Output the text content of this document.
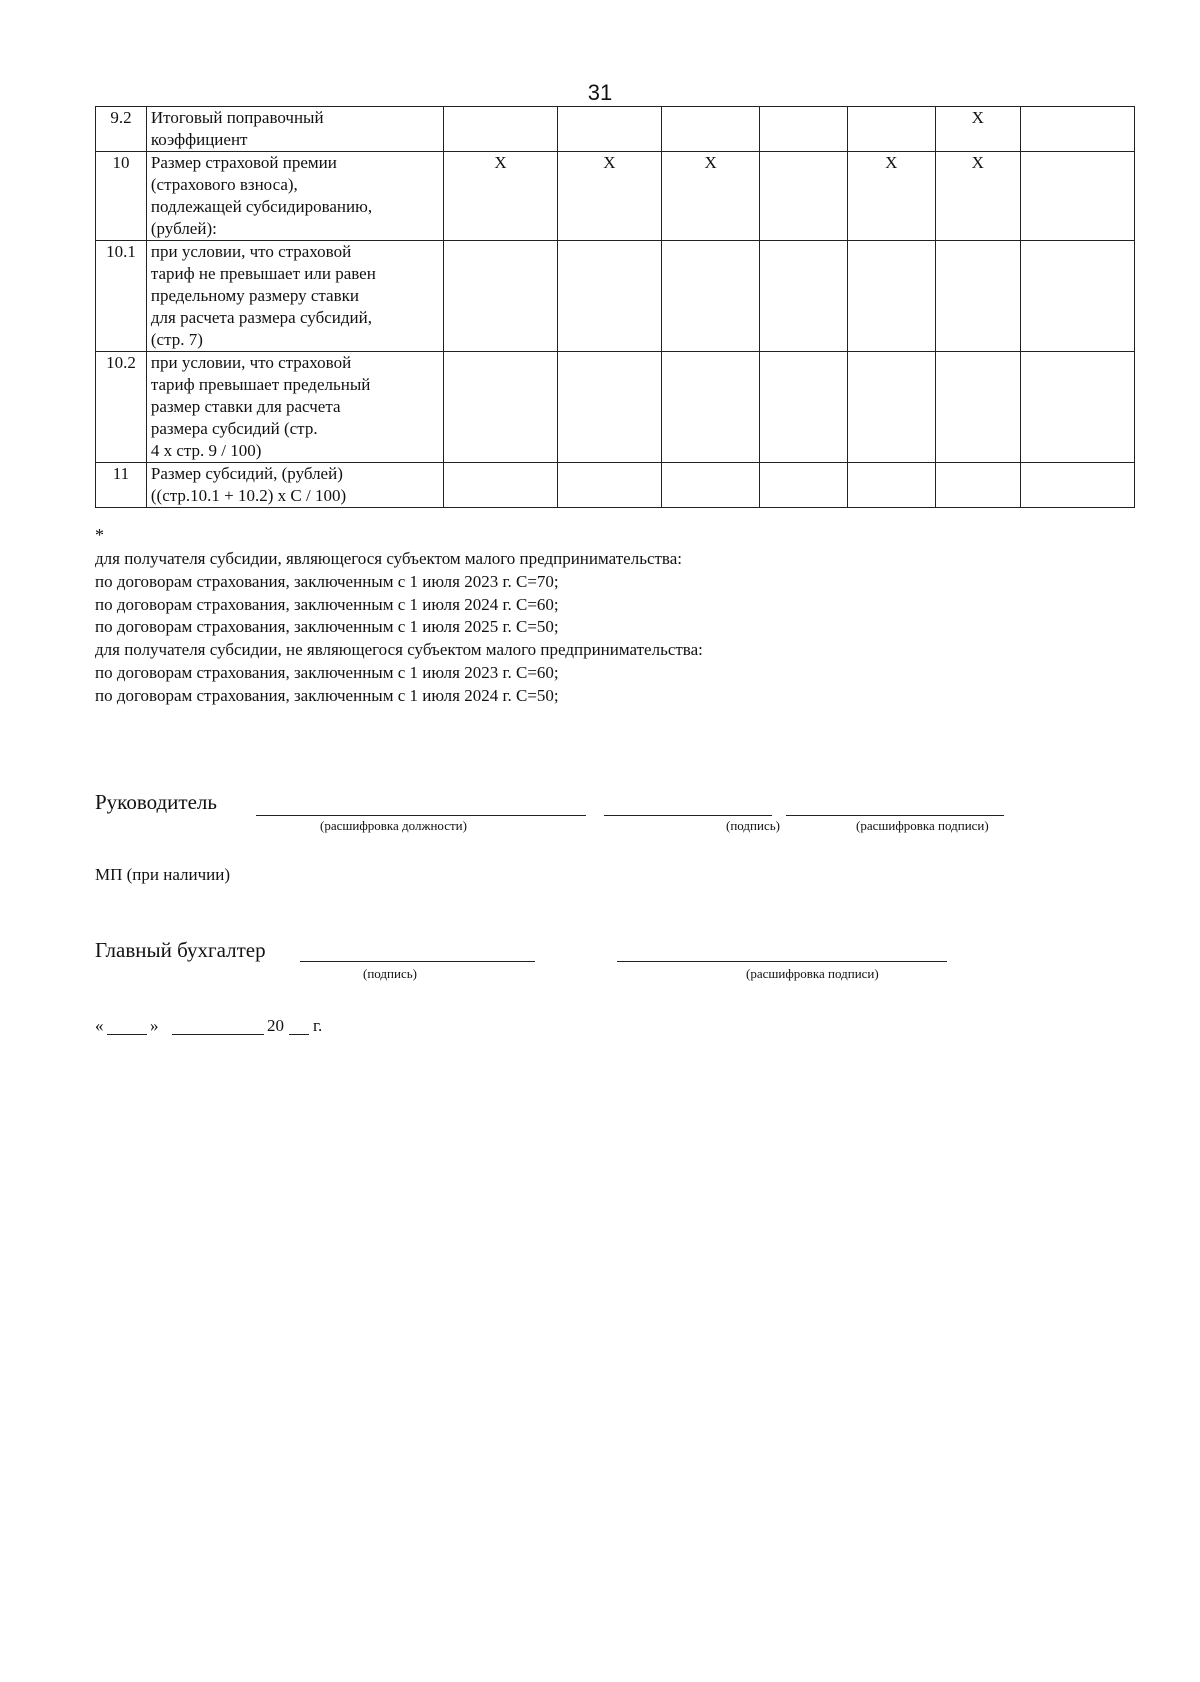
31
9.2	Итоговый поправочный
коэффициент						X	
10	Размер страховой премии
(страхового взноса),
подлежащей субсидированию,
(рублей):	X	X	X		X	X	
10.1	при условии, что страховой
тариф не превышает или равен
предельному размеру ставки
для расчета размера субсидий,
(стр. 7)							

10.2	при условии, что страховой
тариф превышает предельный
размер ставки для расчета
размера субсидий (стр.
4 x стр. 9 / 100)							

11	Размер субсидий, (рублей)
((стр.10.1 + 10.2) x С / 100)							

*
для получателя субсидии, являющегося субъектом малого предпринимательства:
по договорам страхования, заключенным с 1 июля 2023 г. С=70;
по договорам страхования, заключенным с 1 июля 2024 г. С=60;
по договорам страхования, заключенным с 1 июля 2025 г. С=50;
для получателя субсидии, не являющегося субъектом малого предпринимательства:
по договорам страхования, заключенным с 1 июля 2023 г. С=60;
по договорам страхования, заключенным с 1 июля 2024 г. С=50;
Руководитель
(расшифровка должности)	(подпись)	(расшифровка подписи)
МП (при наличии)
Главный бухгалтер
(подпись)	(расшифровка подписи)
«	»	20 г.
